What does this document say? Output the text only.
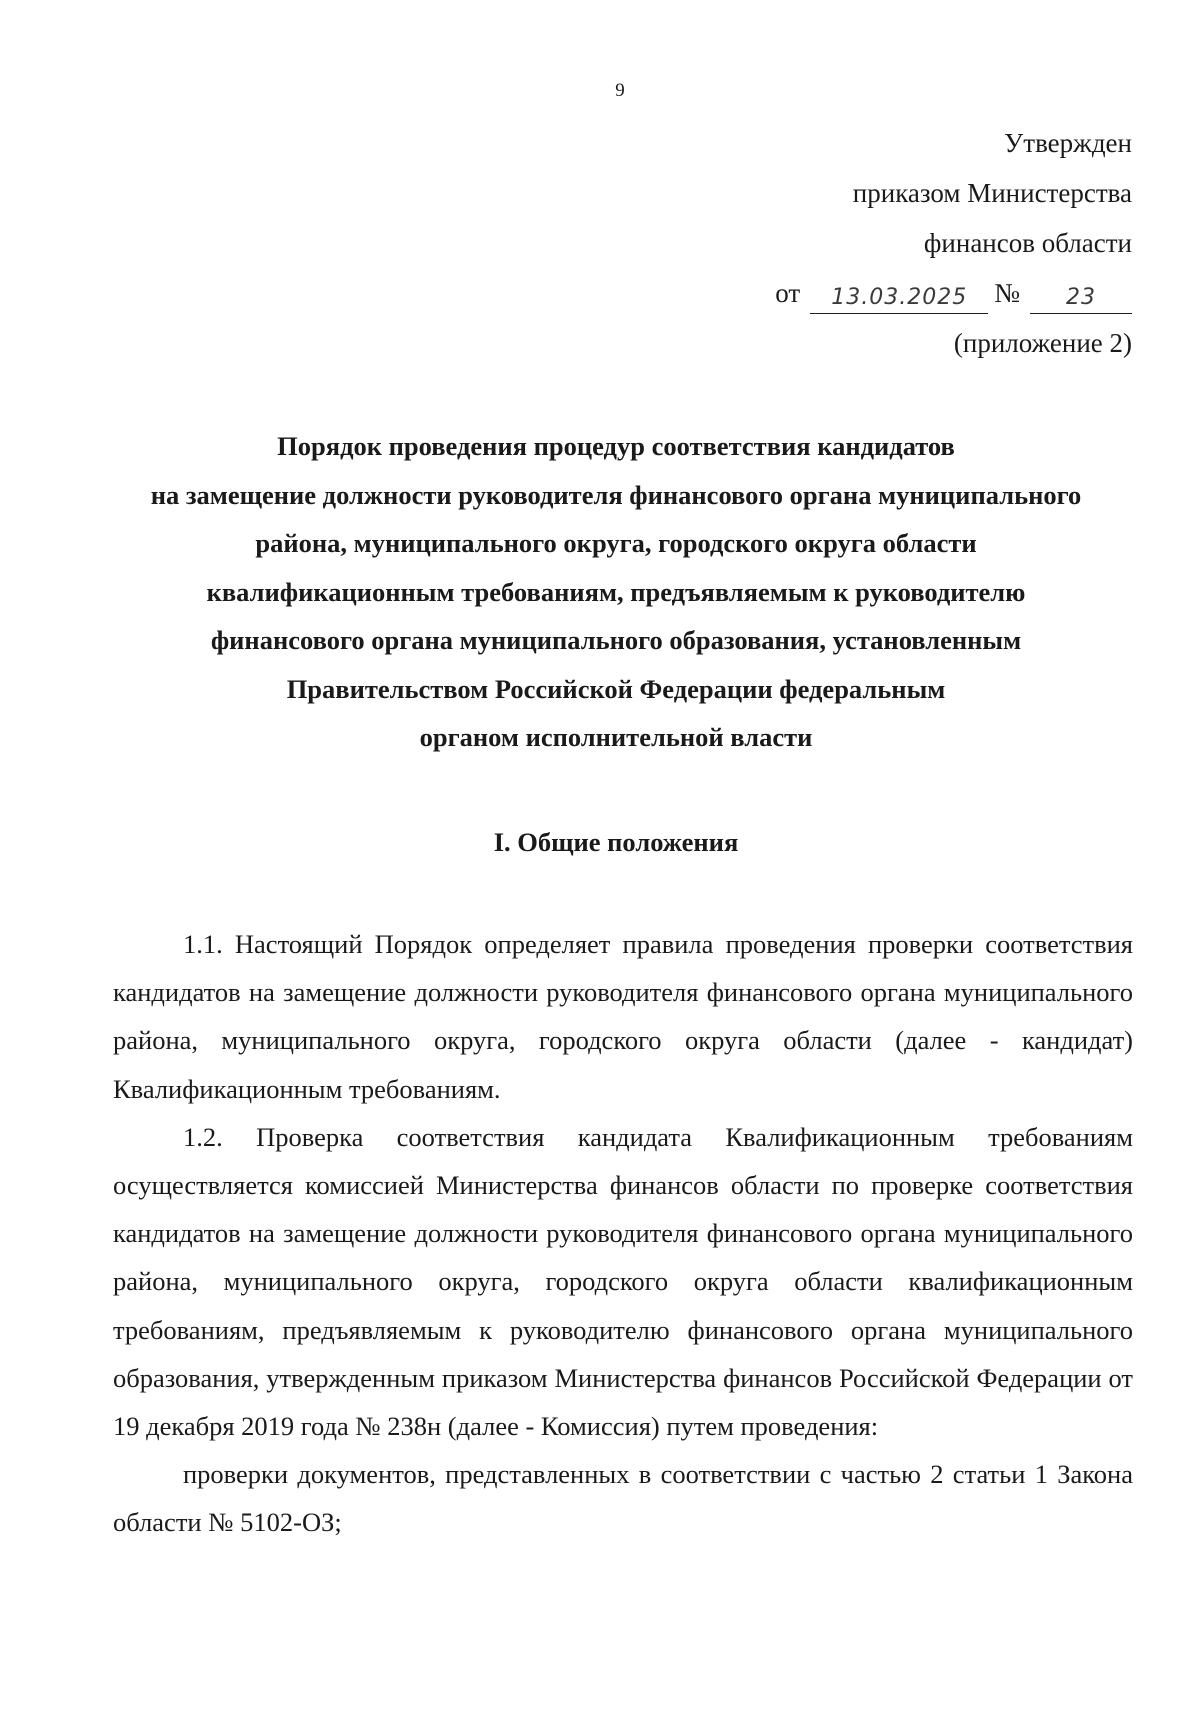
9
Утвержден
приказом Министерства
финансов области
от 13.03.2025 № 23
(приложение 2)
Порядок проведения процедур соответствия кандидатов
на замещение должности руководителя финансового органа муниципального
района, муниципального округа, городского округа области
квалификационным требованиям, предъявляемым к руководителю
финансового органа муниципального образования, установленным
Правительством Российской Федерации федеральным
органом исполнительной власти
I. Общие положения

1.1. Настоящий Порядок определяет правила проведения проверки соответствия кандидатов на замещение должности руководителя финансового органа муниципального района, муниципального округа, городского округа области (далее - кандидат) Квалификационным требованиям.

1.2. Проверка соответствия кандидата Квалификационным требованиям осуществляется комиссией Министерства финансов области по проверке соответствия кандидатов на замещение должности руководителя финансового органа муниципального района, муниципального округа, городского округа области квалификационным требованиям, предъявляемым к руководителю финансового органа муниципального образования, утвержденным приказом Министерства финансов Российской Федерации от 19 декабря 2019 года № 238н (далее - Комиссия) путем проведения:

проверки документов, представленных в соответствии с частью 2 статьи 1 Закона области № 5102-ОЗ;
